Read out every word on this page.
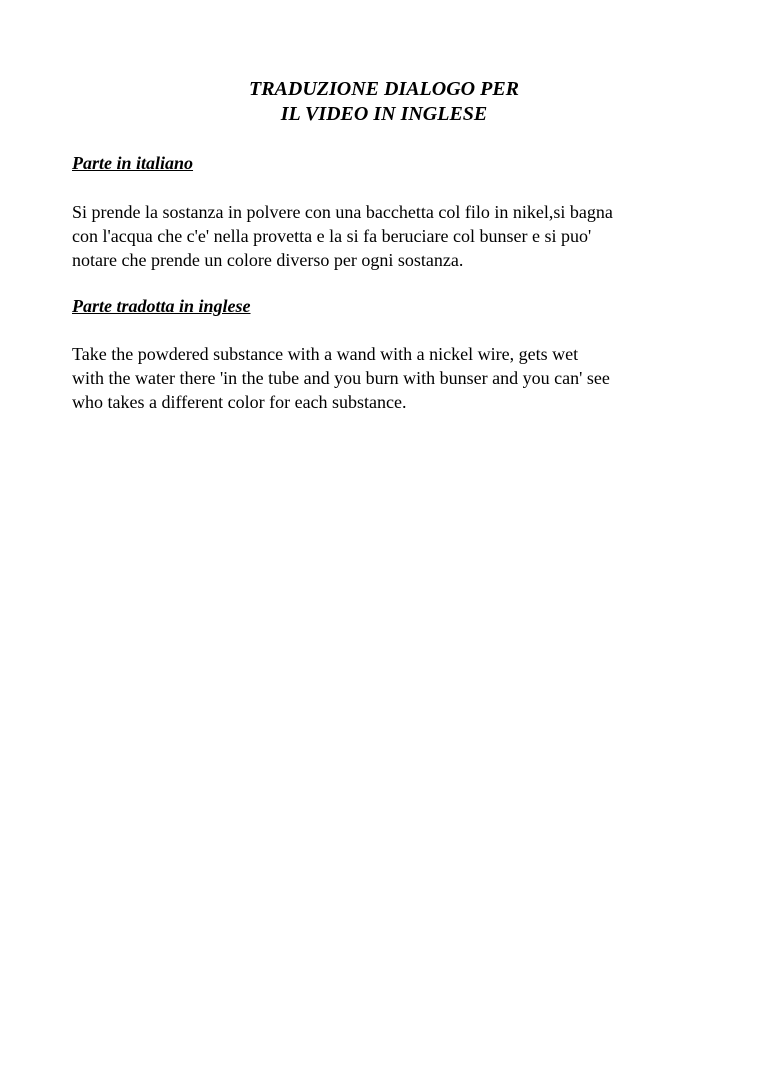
TRADUZIONE DIALOGO PER
IL VIDEO IN INGLESE
Parte in italiano
Si prende la sostanza in polvere con una bacchetta col filo in nikel,si bagna
con l'acqua che c'e' nella provetta e la si fa beruciare col bunser e si puo'
notare che prende un colore diverso per ogni sostanza.
Parte tradotta in inglese
Take the powdered substance with a wand with a nickel wire, gets wet
with the water there 'in the tube and you burn with bunser and you can' see
who takes a different color for each substance.
